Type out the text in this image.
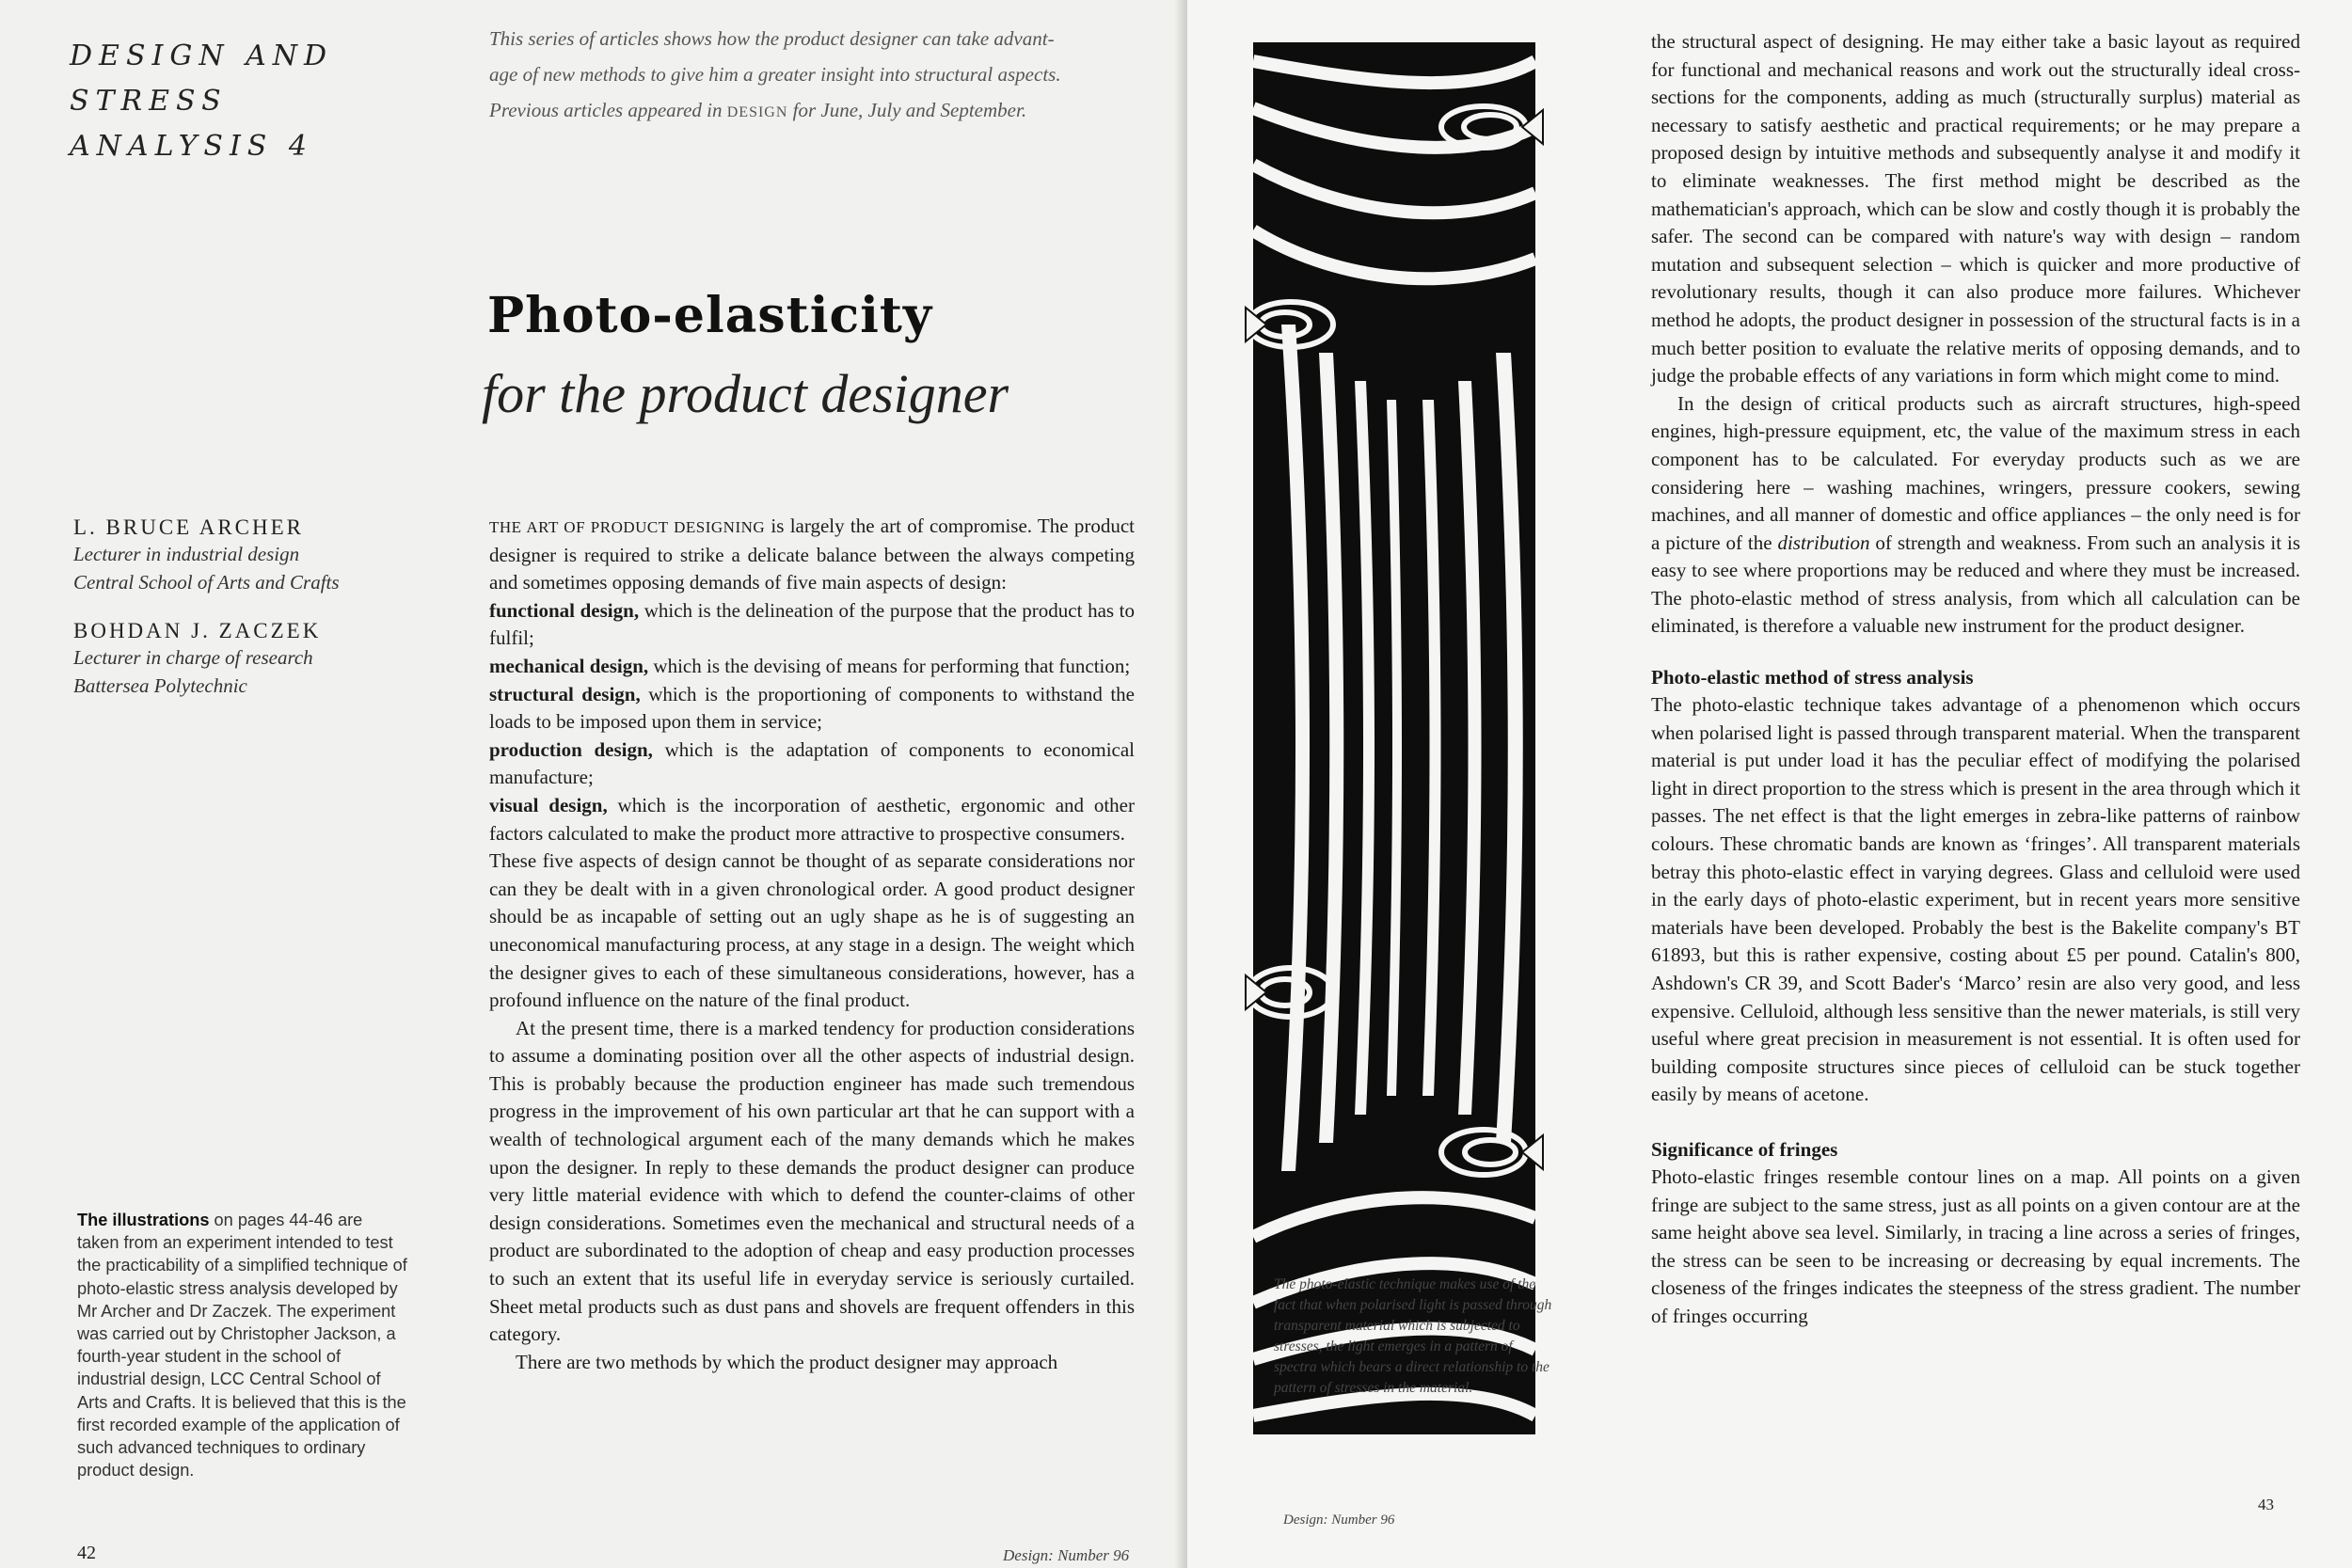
DESIGN AND
STRESS
ANALYSIS 4
This series of articles shows how the product designer can take advant-
age of new methods to give him a greater insight into structural aspects.
Previous articles appeared in DESIGN for June, July and September.
Photo-elasticity
for the product designer
L. BRUCE ARCHER
Lecturer in industrial design
Central School of Arts and Crafts
BOHDAN J. ZACZEK
Lecturer in charge of research
Battersea Polytechnic

THE ART OF PRODUCT DESIGNING is largely the art of compromise. The product designer is required to strike a delicate balance between the always competing and sometimes opposing demands of five main aspects of design:

functional design, which is the delineation of the purpose that the product has to fulfil;

mechanical design, which is the devising of means for performing that function;

structural design, which is the proportioning of components to withstand the loads to be imposed upon them in service;

production design, which is the adaptation of components to economical manufacture;

visual design, which is the incorporation of aesthetic, ergonomic and other factors calculated to make the product more attractive to prospective consumers.

These five aspects of design cannot be thought of as separate considerations nor can they be dealt with in a given chronological order. A good product designer should be as incapable of setting out an ugly shape as he is of suggesting an uneconomical manufacturing process, at any stage in a design. The weight which the designer gives to each of these simultaneous considerations, however, has a profound influence on the nature of the final product.

At the present time, there is a marked tendency for production considerations to assume a dominating position over all the other aspects of industrial design. This is probably because the production engineer has made such tremendous progress in the improvement of his own particular art that he can support with a wealth of technological argument each of the many demands which he makes upon the designer. In reply to these demands the product designer can produce very little material evidence with which to defend the counter-claims of other design considerations. Sometimes even the mechanical and structural needs of a product are subordinated to the adoption of cheap and easy production processes to such an extent that its useful life in everyday service is seriously curtailed. Sheet metal products such as dust pans and shovels are frequent offenders in this category.

There are two methods by which the product designer may approach

The illustrations on pages 44-46 are taken from an experiment intended to test the practicability of a simplified technique of photo-elastic stress analysis developed by Mr Archer and Dr Zaczek. The experiment was carried out by Christopher Jackson, a fourth-year student in the school of industrial design, LCC Central School of Arts and Crafts. It is believed that this is the first recorded example of the application of such advanced techniques to ordinary product design.
42	Design: Number 96
The photo-elastic technique makes use of the fact that when polarised light is passed through transparent material which is subjected to stresses, the light emerges in a pattern of spectra which bears a direct relationship to the pattern of stresses in the material.
Design: Number 96

the structural aspect of designing. He may either take a basic layout as required for functional and mechanical reasons and work out the structurally ideal cross-sections for the components, adding as much (structurally surplus) material as necessary to satisfy aesthetic and practical requirements; or he may prepare a proposed design by intuitive methods and subsequently analyse it and modify it to eliminate weaknesses. The first method might be described as the mathematician's approach, which can be slow and costly though it is probably the safer. The second can be compared with nature's way with design – random mutation and subsequent selection – which is quicker and more productive of revolutionary results, though it can also produce more failures. Whichever method he adopts, the product designer in possession of the structural facts is in a much better position to evaluate the relative merits of opposing demands, and to judge the probable effects of any variations in form which might come to mind.

In the design of critical products such as aircraft structures, high-speed engines, high-pressure equipment, etc, the value of the maximum stress in each component has to be calculated. For everyday products such as we are considering here – washing machines, wringers, pressure cookers, sewing machines, and all manner of domestic and office appliances – the only need is for a picture of the distribution of strength and weakness. From such an analysis it is easy to see where proportions may be reduced and where they must be increased. The photo-elastic method of stress analysis, from which all calculation can be eliminated, is therefore a valuable new instrument for the product designer.

Photo-elastic method of stress analysis

The photo-elastic technique takes advantage of a phenomenon which occurs when polarised light is passed through transparent material. When the transparent material is put under load it has the peculiar effect of modifying the polarised light in direct proportion to the stress which is present in the area through which it passes. The net effect is that the light emerges in zebra-like patterns of rainbow colours. These chromatic bands are known as ‘fringes’. All transparent materials betray this photo-elastic effect in varying degrees. Glass and celluloid were used in the early days of photo-elastic experiment, but in recent years more sensitive materials have been developed. Probably the best is the Bakelite company's BT 61893, but this is rather expensive, costing about £5 per pound. Catalin's 800, Ashdown's CR 39, and Scott Bader's ‘Marco’ resin are also very good, and less expensive. Celluloid, although less sensitive than the newer materials, is still very useful where great precision in measurement is not essential. It is often used for building composite structures since pieces of celluloid can be stuck together easily by means of acetone.

Significance of fringes

Photo-elastic fringes resemble contour lines on a map. All points on a given fringe are subject to the same stress, just as all points on a given contour are at the same height above sea level. Similarly, in tracing a line across a series of fringes, the stress can be seen to be increasing or decreasing by equal increments. The closeness of the fringes indicates the steepness of the stress gradient. The number of fringes occurring

43
